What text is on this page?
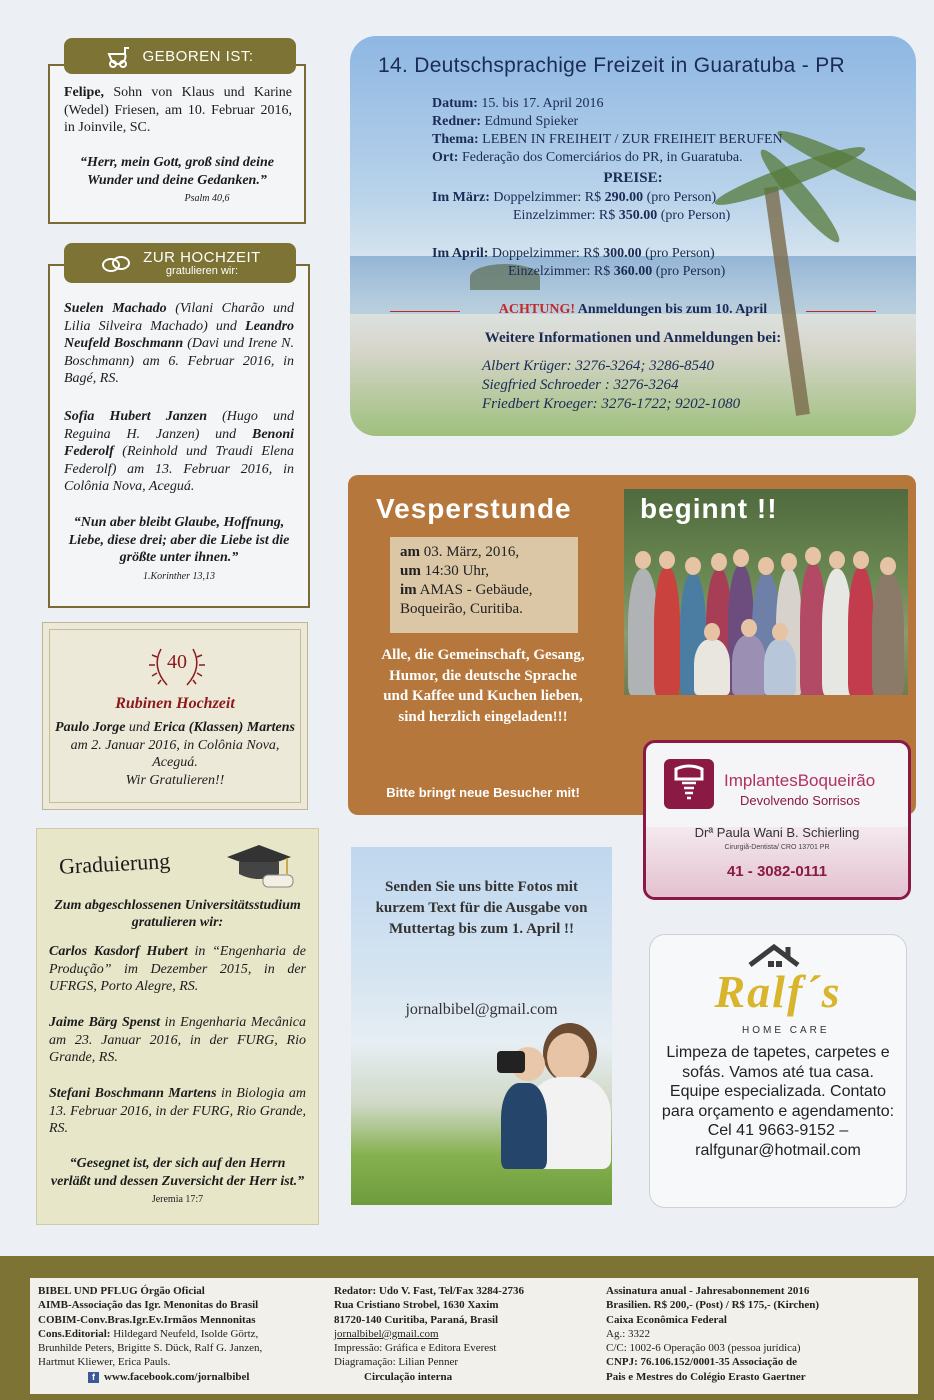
Felipe, Sohn von Klaus und Karine (Wedel) Friesen, am 10. Februar 2016, in Joinvile, SC.
“Herr, mein Gott, groß sind deine Wunder und deine Gedanken.”
Psalm 40,6
GEBOREN IST:
Suelen Machado (Vilani Charão und Lilia Silveira Machado) und Leandro Neufeld Boschmann (Davi und Irene N. Boschmann) am 6. Februar 2016, in Bagé, RS.
Sofia Hubert Janzen (Hugo und Reguina H. Janzen) und Benoni Federolf (Reinhold und Traudi Elena Federolf) am 13. Februar 2016, in Colônia Nova, Aceguá.
“Nun aber bleibt Glaube, Hoffnung, Liebe, diese drei; aber die Liebe ist die größte unter ihnen.”
1.Korinther 13,13
ZUR HOCHZEIT
gratulieren wir:
40
Rubinen Hochzeit
Paulo Jorge und Erica (Klassen) Martens am 2. Januar 2016, in Colônia Nova, Aceguá.
Wir Gratulieren!!
Graduierung
Zum abgeschlossenen Universitätsstudium gratulieren wir:
Carlos Kasdorf Hubert in “Engenharia de Produção” im Dezember 2015, in der UFRGS, Porto Alegre, RS.
Jaime Bärg Spenst in Engenharia Mecânica am 23. Januar 2016, in der FURG, Rio Grande, RS.
Stefani Boschmann Martens in Biologia am 13. Februar 2016, in der FURG, Rio Grande, RS.
“Gesegnet ist, der sich auf den Herrn verläßt und dessen Zuversicht der Herr ist.” Jeremia 17:7
14. Deutschsprachige Freizeit in Guaratuba - PR
Datum: 15. bis 17. April 2016
Redner: Edmund Spieker
Thema: LEBEN IN FREIHEIT / ZUR FREIHEIT BERUFEN
Ort: Federação dos Comerciários do PR, in Guaratuba.
PREISE:
Im März: Doppelzimmer: R$ 290.00 (pro Person)
Einzelzimmer: R$ 350.00 (pro Person)
Im April: Doppelzimmer: R$ 300.00 (pro Person)
Einzelzimmer: R$ 360.00 (pro Person)
ACHTUNG! Anmeldungen bis zum 10. April
Weitere Informationen und Anmeldungen bei:
Albert Krüger: 3276-3264; 3286-8540
Siegfried Schroeder : 3276-3264
Friedbert Kroeger: 3276-1722; 9202-1080
Vesperstunde beginnt !!
am 03. März, 2016,
um 14:30 Uhr,
im AMAS - Gebäude, Boqueirão, Curitiba.
Alle, die Gemeinschaft, Gesang, Humor, die deutsche Sprache und Kaffee und Kuchen lieben, sind herzlich eingeladen!!!
Bitte bringt neue Besucher mit!
ImplantesBoqueirão
Devolvendo Sorrisos
Drª Paula Wani B. Schierling
Cirurgiã-Dentista/ CRO 13701 PR
41 - 3082-0111
Senden Sie uns bitte Fotos mit kurzem Text für die Ausgabe von Muttertag bis zum 1. April !!
jornalbibel@gmail.com	Ralf´s
HOME CARE
Limpeza de tapetes, carpetes e sofás. Vamos até tua casa. Equipe especializada. Contato para orçamento e agendamento: Cel 41 9663-9152 – ralfgunar@hotmail.com
BIBEL UND PFLUG Órgão Oficial
AIMB-Associação das Igr. Menonitas do Brasil
COBIM-Conv.Bras.Igr.Ev.Irmãos Mennonitas
Cons.Editorial: Hildegard Neufeld, Isolde Görtz,
Brunhilde Peters, Brigitte S. Dück, Ralf G. Janzen,
Hartmut Kliewer, Erica Pauls.

f www.facebook.com/jornalbibel
Redator: Udo V. Fast, Tel/Fax 3284-2736
Rua Cristiano Strobel, 1630 Xaxim
81720-140 Curitiba, Paraná, Brasil
jornalbibel@gmail.com
Impressão: Gráfica e Editora Everest
Diagramação: Lilian Penner
Circulação interna
Assinatura anual - Jahresabonnement 2016
Brasilien. R$ 200,- (Post) / R$ 175,- (Kirchen)
Caixa Econômica Federal
Ag.: 3322
C/C: 1002-6 Operação 003 (pessoa jurídica)
CNPJ: 76.106.152/0001-35 Associação de
Pais e Mestres do Colégio Erasto Gaertner
